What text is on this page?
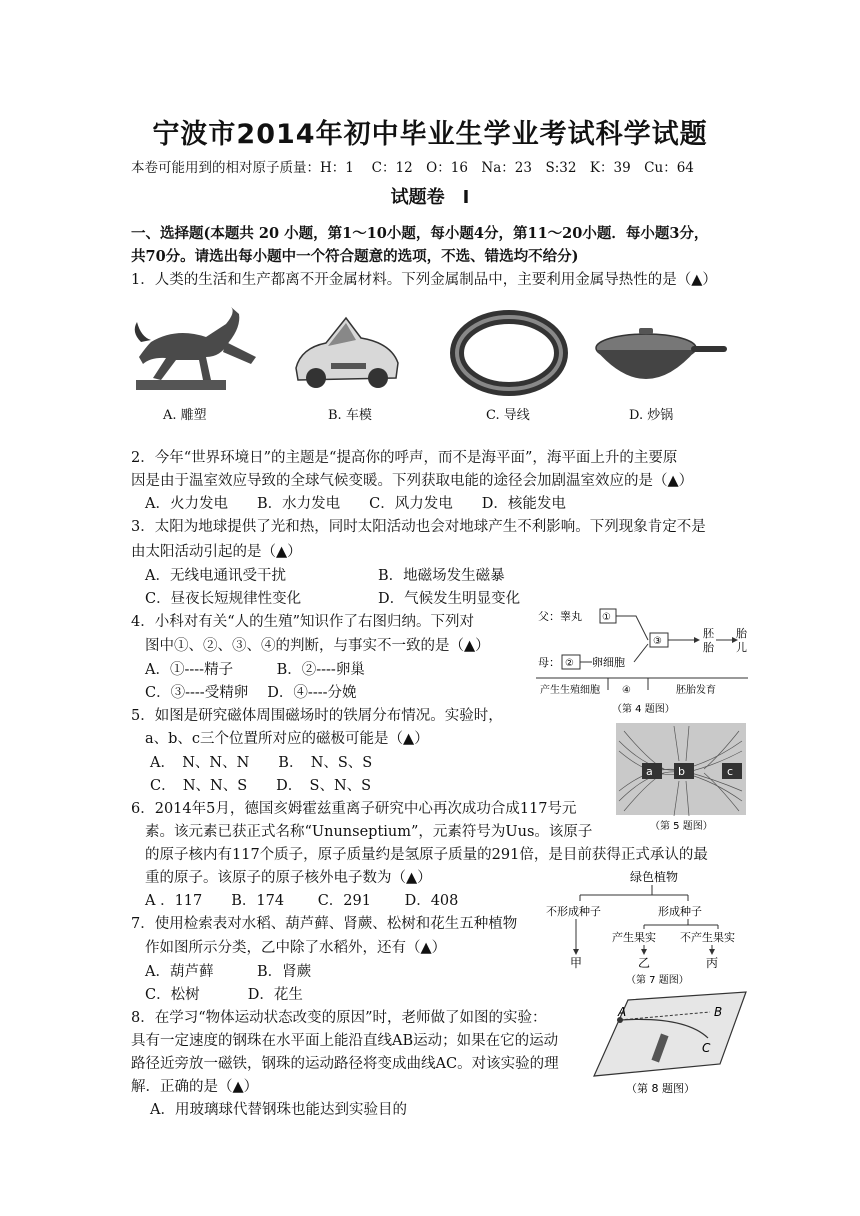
宁波市2014年初中毕业生学业考试科学试题
本卷可能用到的相对原子质量：H：1　 C：12　O：16　Na：23　S:32　K：39　Cu：64
试题卷　Ⅰ
一、选择题(本题共 20 小题，第1～10小题，每小题4分，第11～20小题．每小题3分，
共70分。请选出每小题中一个符合题意的选项，不选、错选均不给分)
1．人类的生活和生产都离不开金属材料。下列金属制品中，主要利用金属导热性的是（▲）
A. 雕塑	B. 车模	C. 导线	D. 炒锅
2．今年“世界环境日”的主题是“提高你的呼声，而不是海平面”，海平面上升的主要原
因是由于温室效应导致的全球气候变暖。下列获取电能的途径会加剧温室效应的是（▲）
A．火力发电　　B．水力发电　　C．风力发电　　D．核能发电
3．太阳为地球提供了光和热，同时太阳活动也会对地球产生不利影响。下列现象肯定不是
由太阳活动引起的是（▲）
A．无线电通讯受干扰	B．地磁场发生磁暴
C．昼夜长短规律性变化	D．气候发生明显变化
4．小科对有关“人的生殖”知识作了右图归纳。下列对
图中①、②、③、④的判断，与事实不一致的是（▲）
A．①----精子　　　B．②----卵巢
C．③----受精卵　 D．④----分娩
父：睾丸 ①
母： ② 卵细胞
③
胚
胎
胎
儿
产生生殖细胞 ④	胚胎发育
（第 4 题图）
5．如图是研究磁体周围磁场时的铁屑分布情况。实验时，
a、b、c三个位置所对应的磁极可能是（▲）
A．　N、N、N　　B．　N、S、S
C．　N、N、S　　D．　S、N、S
a b	c
（第 5 题图）
6．2014年5月，德国亥姆霍兹重离子研究中心再次成功合成117号元
素。该元素已获正式名称“Ununseptium”，元素符号为Uus。该原子
的原子核内有117个质子，原子质量约是氢原子质量的291倍，是目前获得正式承认的最
重的原子。该原子的原子核外电子数为（▲）
A ．117　　B．174　　 C．291　　 D．408
7．使用检索表对水稻、葫芦藓、肾蕨、松树和花生五种植物
作如图所示分类，乙中除了水稻外，还有（▲）
A．葫芦藓　　　B．肾蕨
C．松树　　　 D．花生
绿色植物
不形成种子	形成种子
产生果实 不产生果实
甲	乙	丙
（第 7 题图）
8．在学习“物体运动状态改变的原因”时，老师做了如图的实验：
具有一定速度的钢珠在水平面上能沿直线AB运动；如果在它的运动
路径近旁放一磁铁，钢珠的运动路径将变成曲线AC。对该实验的理
解．正确的是（▲）
A．用玻璃球代替钢珠也能达到实验目的
A	B
C
（第 8 题图）
